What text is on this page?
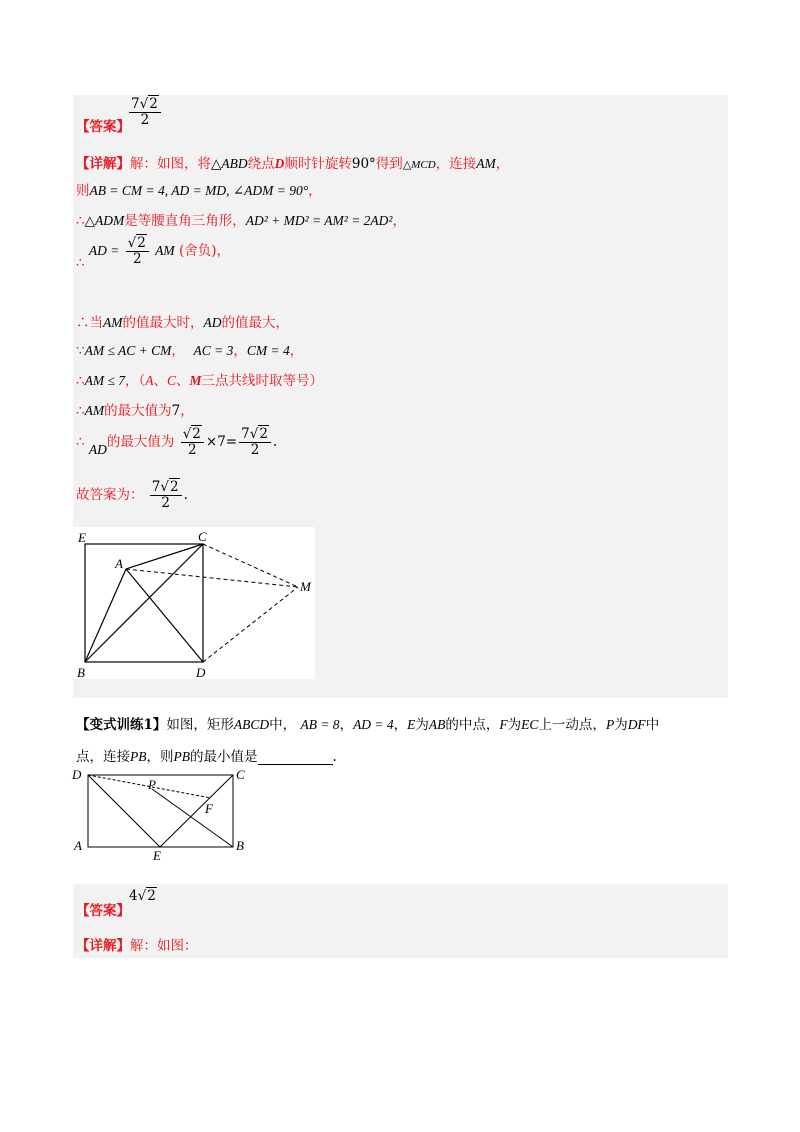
【答案】 $\frac{7√2}{2}$
【详解】解：如图，将△ABD绕点D顺时针旋转90°得到△MCD，连接AM，
则AB = CM = 4, AD = MD, ∠ADM = 90°，
∴△ADM是等腰直角三角形，AD² + MD² = AM² = 2AD²，
∴ AD = $\frac{√2}{2}$ AM (舍负)，
∴当AM的值最大时，AD的值最大，
∵AM ≤ AC + CM， AC = 3，CM = 4，
∴AM ≤ 7，（A、C、M三点共线时取等号）
∴AM的最大值为7，
∴ AD的最大值为 $\frac{√2}{2} \times 7= \frac{7√2}{2}$ .
故答案为： $\frac{7√2}{2}$ .
E	C
A
M
B	D
【变式训练1】如图，矩形ABCD中， AB = 8，AD = 4，E为AB的中点，F为EC上一动点，P为DF中
点，连接PB，则PB的最小值是	.
D	C
P
F
A
E
B
【答案】
4√2
【详解】解：如图：
